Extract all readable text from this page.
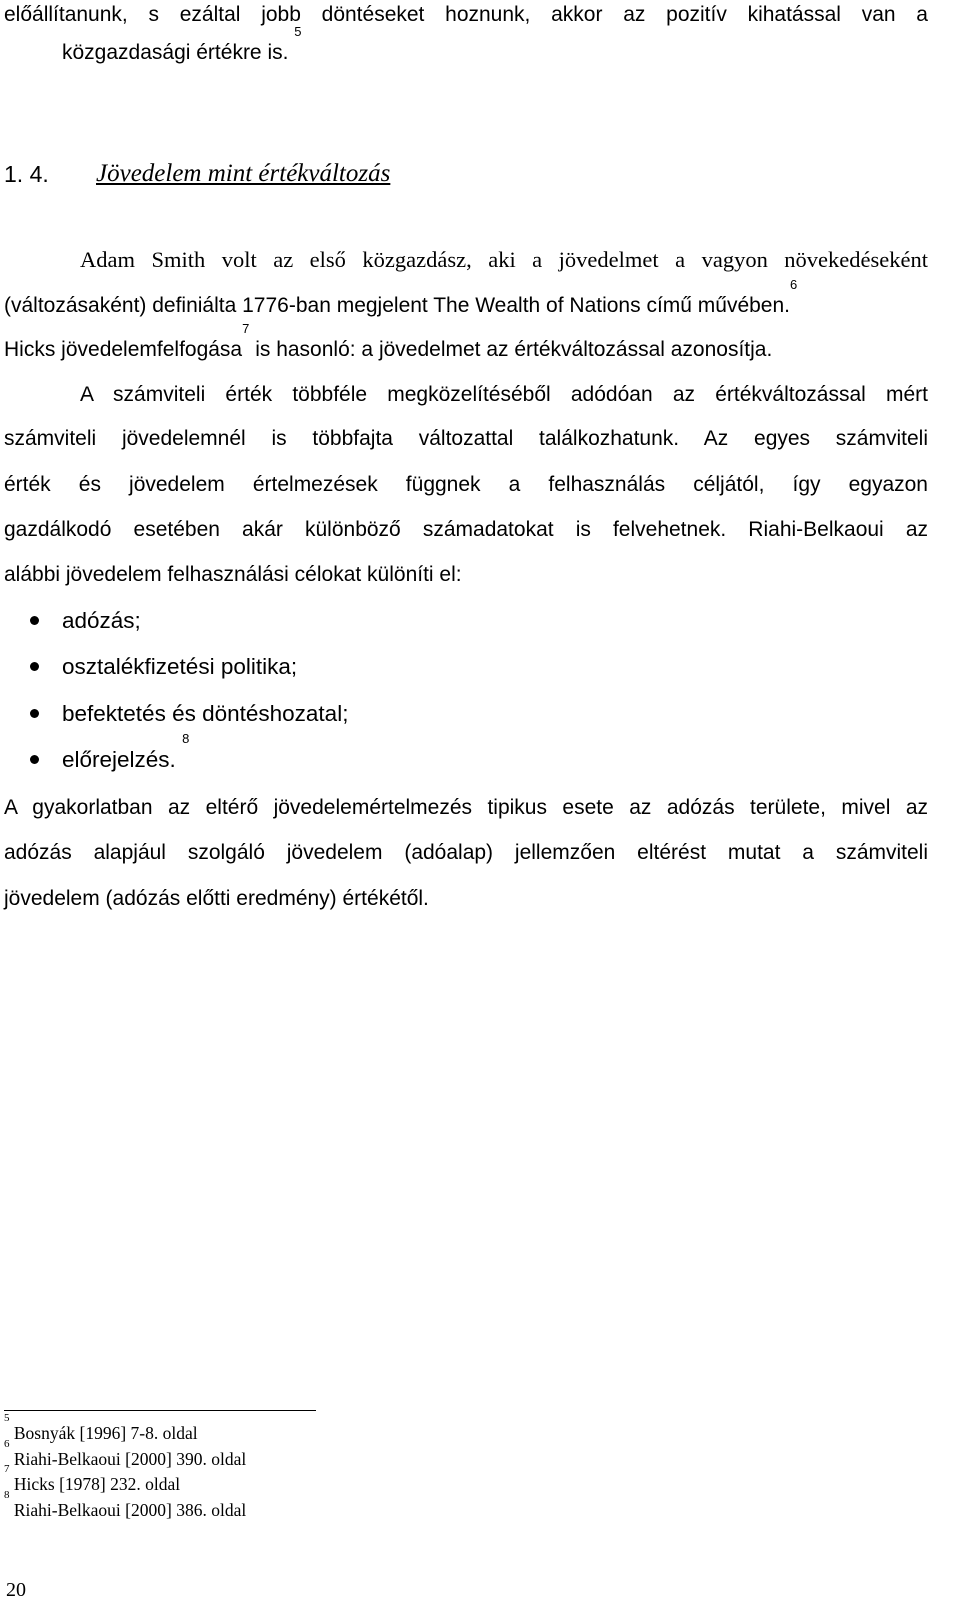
előállítanunk, s ezáltal jobb döntéseket hoznunk, akkor az pozitív kihatással van a
közgazdasági értékre is. $^5$
1. 4. Jövedelem mint értékváltozás
Adam Smith volt az első közgazdász, aki a jövedelmet a vagyon növekedéseként
(változásaként) definiálta 1776-ban megjelent The Wealth of Nations című művében.$^6$
Hicks jövedelemfelfogása$^7$ is hasonló: a jövedelmet az értékváltozással azonosítja.
A számviteli érték többféle megközelítéséből adódóan az értékváltozással mért
számviteli jövedelemnél is többfajta változattal találkozhatunk. Az egyes számviteli
érték és jövedelem értelmezések függnek a felhasználás céljától, így egyazon
gazdálkodó esetében akár különböző számadatokat is felvehetnek. Riahi-Belkaoui az
alábbi jövedelem felhasználási célokat különíti el:
adózás;
osztalékfizetési politika;
befektetés és döntéshozatal;
előrejelzés. $^8$
A gyakorlatban az eltérő jövedelemértelmezés tipikus esete az adózás területe, mivel az
adózás alapjául szolgáló jövedelem (adóalap) jellemzően eltérést mutat a számviteli
jövedelem (adózás előtti eredmény) értékétől.
$^5$ Bosnyák [1996] 7-8. oldal
$^6$ Riahi-Belkaoui [2000] 390. oldal
$^7$ Hicks [1978] 232. oldal
$^8$ Riahi-Belkaoui [2000] 386. oldal
20
